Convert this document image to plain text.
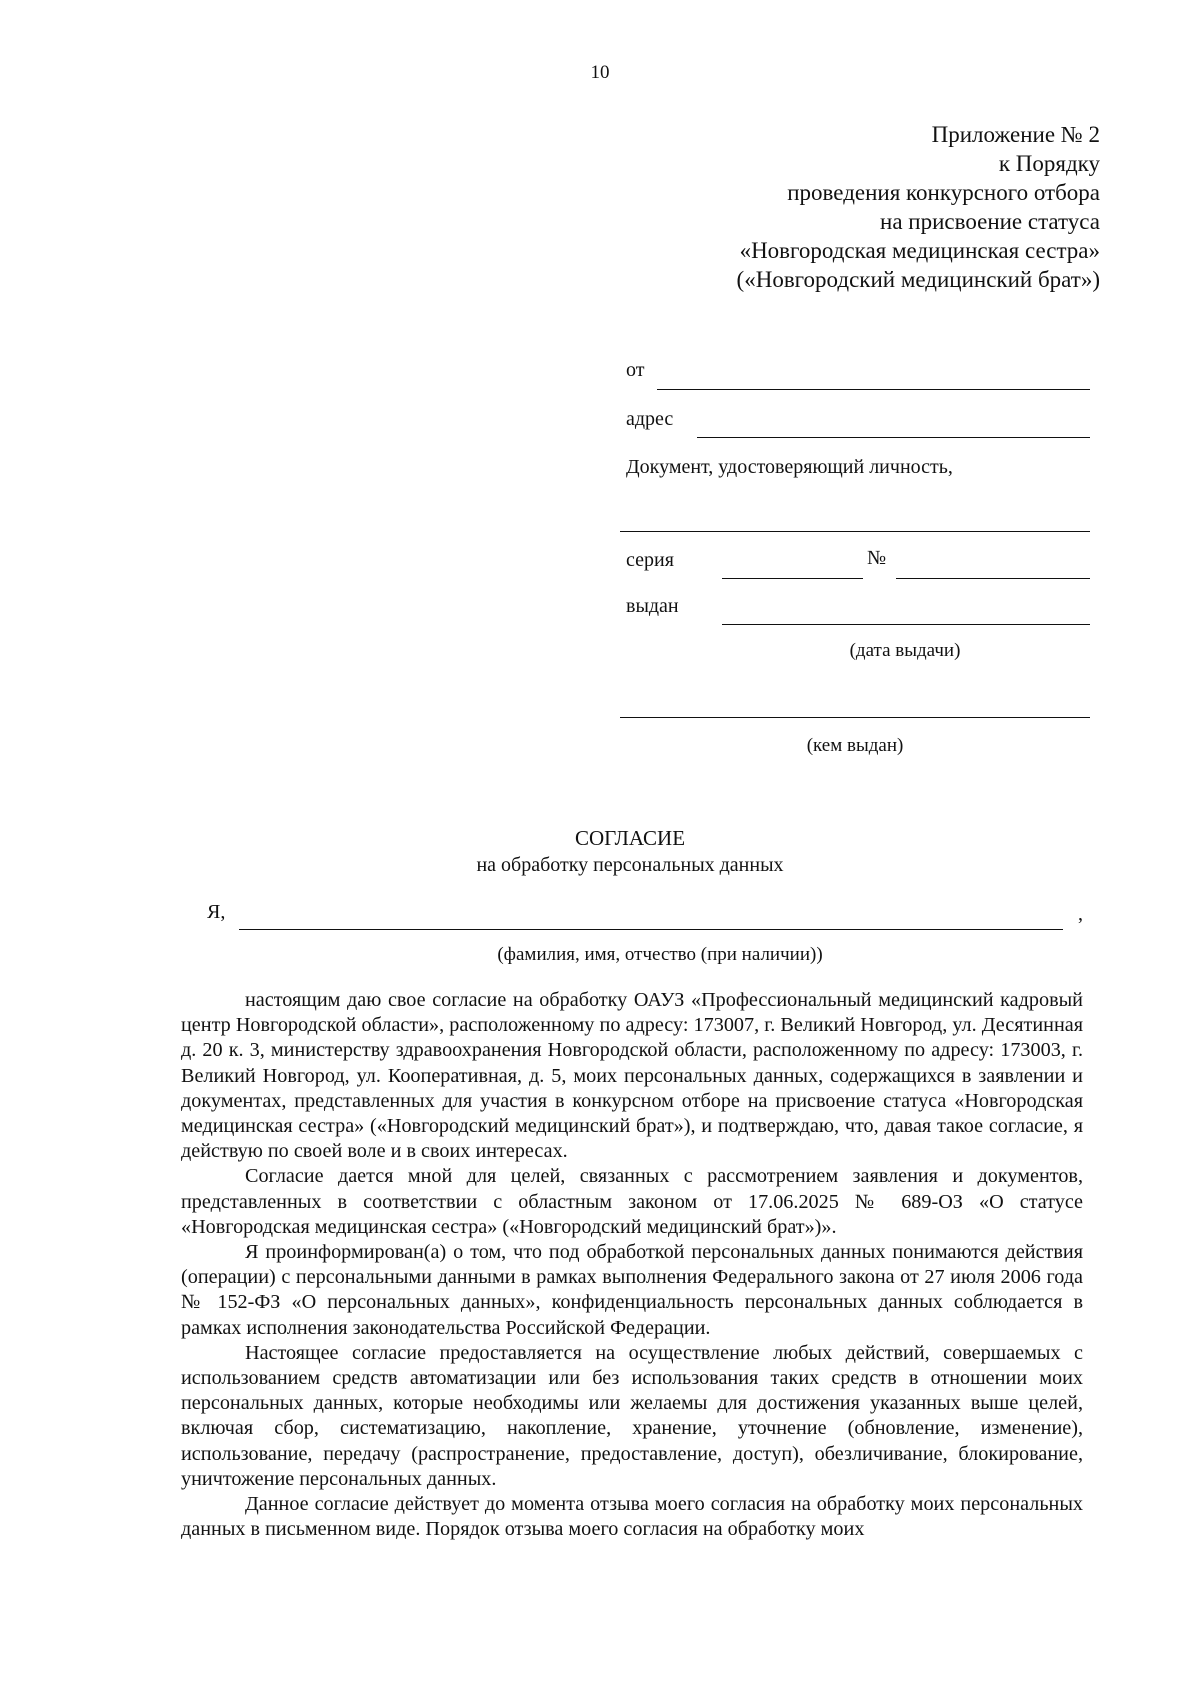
10
Приложение № 2
к Порядку
проведения конкурсного отбора
на присвоение статуса
«Новгородская медицинская сестра»
(«Новгородский медицинский брат»)
от
адрес
Документ, удостоверяющий личность,
серия	№
выдан
(дата выдачи)
(кем выдан)
СОГЛАСИЕ
на обработку персональных данных
Я,	,
(фамилия, имя, отчество (при наличии))

настоящим даю свое согласие на обработку ОАУЗ «Профессиональный медицинский кадровый центр Новгородской области», расположенному по адресу: 173007, г. Великий Новгород, ул. Десятинная д. 20 к. 3, министерству здравоохранения Новгородской области, расположенному по адресу: 173003, г. Великий Новгород, ул. Кооперативная, д. 5, моих персональных данных, содержащихся в заявлении и документах, представленных для участия в конкурсном отборе на присвоение статуса «Новгородская медицинская сестра» («Новгородский медицинский брат»), и подтверждаю, что, давая такое согласие, я действую по своей воле и в своих интересах.

Согласие дается мной для целей, связанных с рассмотрением заявления и документов, представленных в соответствии с областным законом от 17.06.2025 № 689-ОЗ «О статусе «Новгородская медицинская сестра» («Новгородский медицинский брат»)».

Я проинформирован(а) о том, что под обработкой персональных данных понимаются действия (операции) с персональными данными в рамках выполнения Федерального закона от 27 июля 2006 года № 152-ФЗ «О персональных данных», конфиденциальность персональных данных соблюдается в рамках исполнения законодательства Российской Федерации.

Настоящее согласие предоставляется на осуществление любых действий, совершаемых с использованием средств автоматизации или без использования таких средств в отношении моих персональных данных, которые необходимы или желаемы для достижения указанных выше целей, включая сбор, систематизацию, накопление, хранение, уточнение (обновление, изменение), использование, передачу (распространение, предоставление, доступ), обезличивание, блокирование, уничтожение персональных данных.

Данное согласие действует до момента отзыва моего согласия на обработку моих персональных данных в письменном виде. Порядок отзыва моего согласия на обработку моих
